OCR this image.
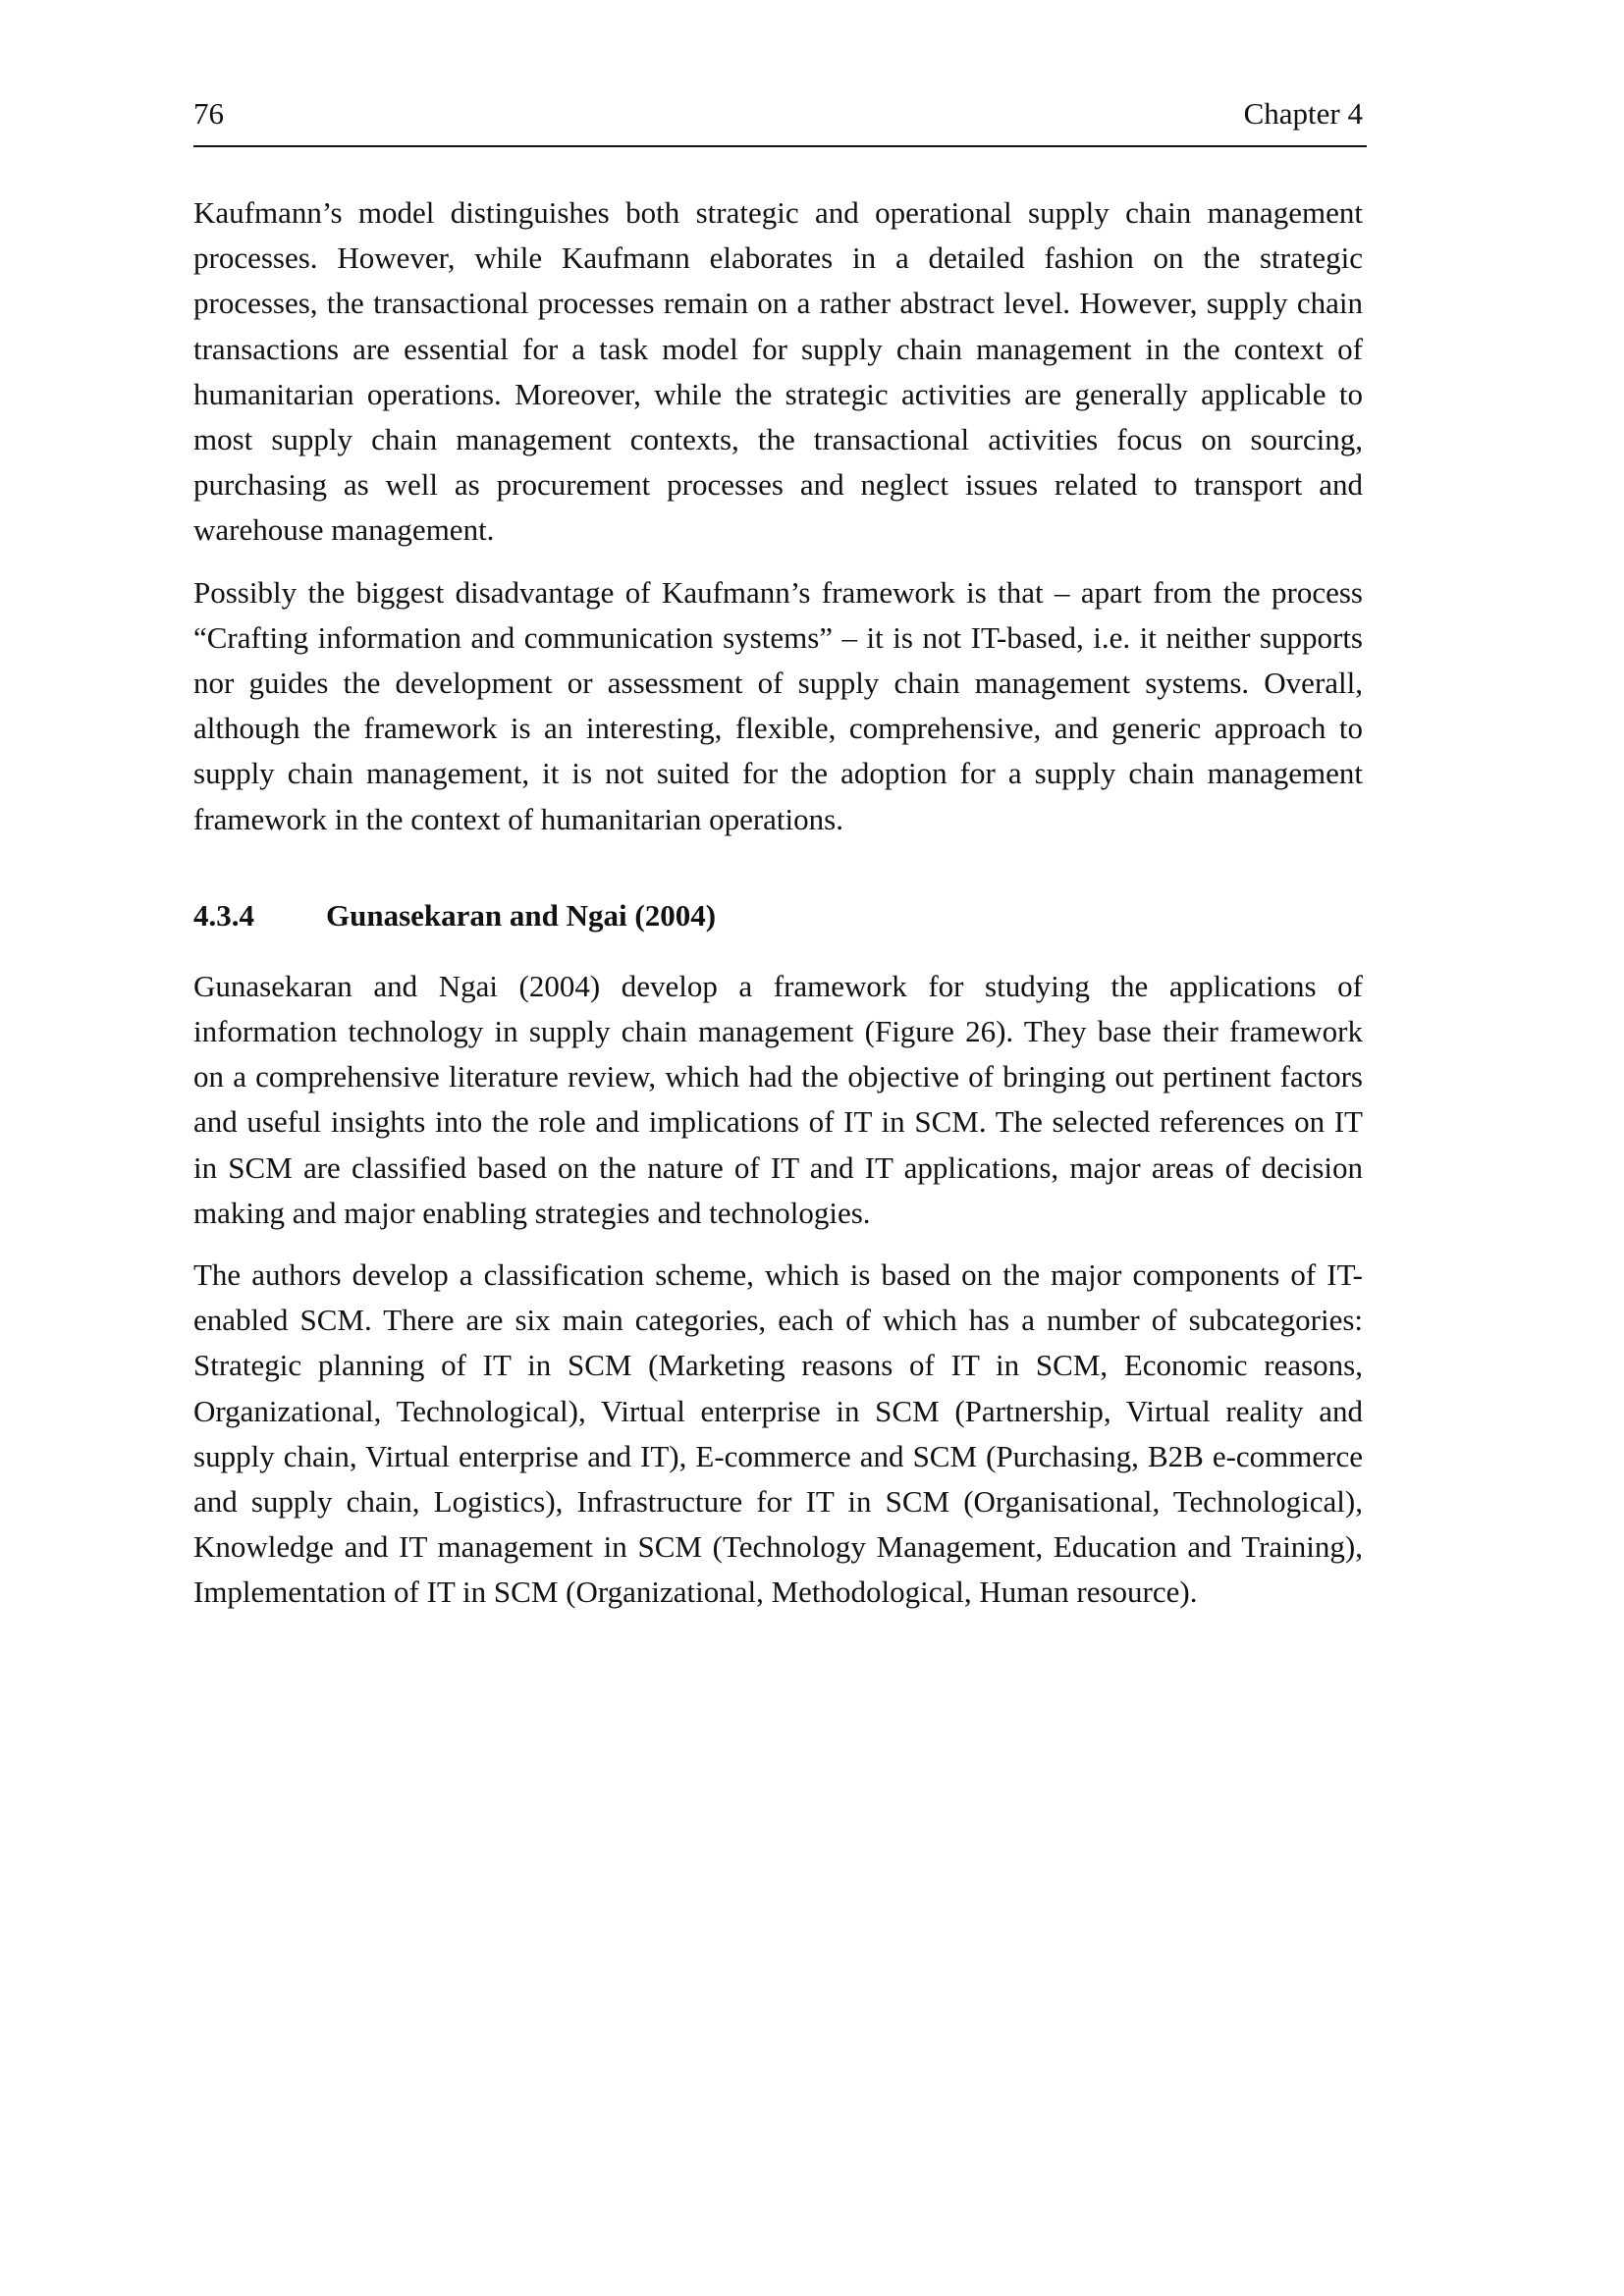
76	Chapter 4

Kaufmann’s model distinguishes both strategic and operational supply chain management processes. However, while Kaufmann elaborates in a detailed fashion on the strategic processes, the transactional processes remain on a rather abstract level. However, supply chain transactions are essential for a task model for supply chain management in the context of humanitarian operations. Moreover, while the strategic activities are generally applicable to most supply chain management contexts, the transactional activities focus on sourcing, purchasing as well as procurement processes and neglect issues related to transport and warehouse management.

Possibly the biggest disadvantage of Kaufmann’s framework is that – apart from the process “Crafting information and communication systems” – it is not IT-based, i.e. it neither supports nor guides the development or assessment of supply chain management systems. Overall, although the framework is an interesting, flexible, comprehensive, and generic approach to supply chain management, it is not suited for the adoption for a supply chain management framework in the context of humanitarian operations.

4.3.4	Gunasekaran and Ngai (2004)

Gunasekaran and Ngai (2004) develop a framework for studying the applications of information technology in supply chain management (Figure 26). They base their framework on a comprehensive literature review, which had the objective of bringing out pertinent factors and useful insights into the role and implications of IT in SCM. The selected references on IT in SCM are classified based on the nature of IT and IT applications, major areas of decision making and major enabling strategies and technologies.

The authors develop a classification scheme, which is based on the major components of IT-enabled SCM. There are six main categories, each of which has a number of subcategories: Strategic planning of IT in SCM (Marketing reasons of IT in SCM, Economic reasons, Organizational, Technological), Virtual enterprise in SCM (Partnership, Virtual reality and supply chain, Virtual enterprise and IT), E-commerce and SCM (Purchasing, B2B e-commerce and supply chain, Logistics), Infrastructure for IT in SCM (Organisational, Technological), Knowledge and IT management in SCM (Technology Management, Education and Training), Implementation of IT in SCM (Organizational, Methodological, Human resource).
